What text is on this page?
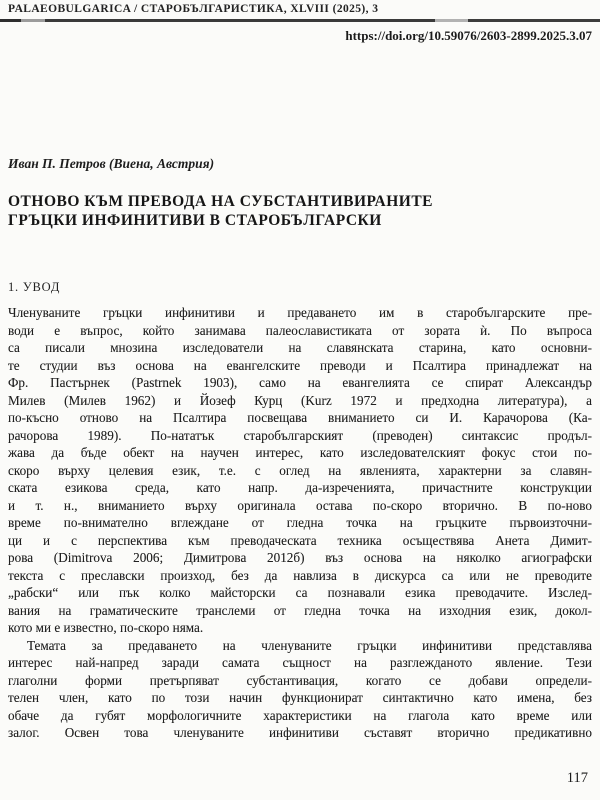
PALAEOBULGARICA / СТАРОБЪЛГАРИСТИКА, XLVIII (2025), 3
https://doi.org/10.59076/2603-2899.2025.3.07
Иван П. Петров (Виена, Австрия)
ОТНОВО КЪМ ПРЕВОДА НА СУБСТАНТИВИРАНИТЕ
ГРЪЦКИ ИНФИНИТИВИ В СТАРОБЪЛГАРСКИ
1. УВОД
Членуваните гръцки инфинитиви и предаването им в старобългарските пре-
води е въпрос, който занимава палеославистиката от зората ѝ. По въпроса
са писали мнозина изследователи на славянската старина, като основни-
те студии въз основа на евангелските преводи и Псалтира принадлежат на
Фр. Пастърнек (Pastrnek 1903), само на евангелията се спират Александър
Милев (Милев 1962) и Йозеф Курц (Kurz 1972 и предходна литература), а
по-късно отново на Псалтира посвещава вниманието си И. Карачорова (Ка-
рачорова 1989). По-нататък старобългарският (преводен) синтаксис продъл-
жава да бъде обект на научен интерес, като изследователският фокус стои по-
скоро върху целевия език, т.е. с оглед на явленията, характерни за славян-
ската езикова среда, като напр. да-изреченията, причастните конструкции
и т. н., вниманието върху оригинала остава по-скоро вторично. В по-ново
време по-внимателно вглеждане от гледна точка на гръцките първоизточни-
ци и с перспектива към преводаческата техника осъществява Анета Димит-
рова (Dimitrova 2006; Димитрова 2012б) въз основа на няколко агиографски
текста с преславски произход, без да навлиза в дискурса са или не преводите
„рабски“ или пък колко майсторски са познавали езика преводачите. Изслед-
вания на граматическите транслеми от гледна точка на изходния език, докол-
кото ми е известно, по-скоро няма.
Темата за предаването на членуваните гръцки инфинитиви представлява
интерес най-напред заради самата същност на разглежданото явление. Тези
глаголни форми претърпяват субстантивация, когато се добави определи-
телен член, като по този начин функционират синтактично като имена, без
обаче да губят морфологичните характеристики на глагола като време или
залог. Освен това членуваните инфинитиви съставят вторично предикативно
117
